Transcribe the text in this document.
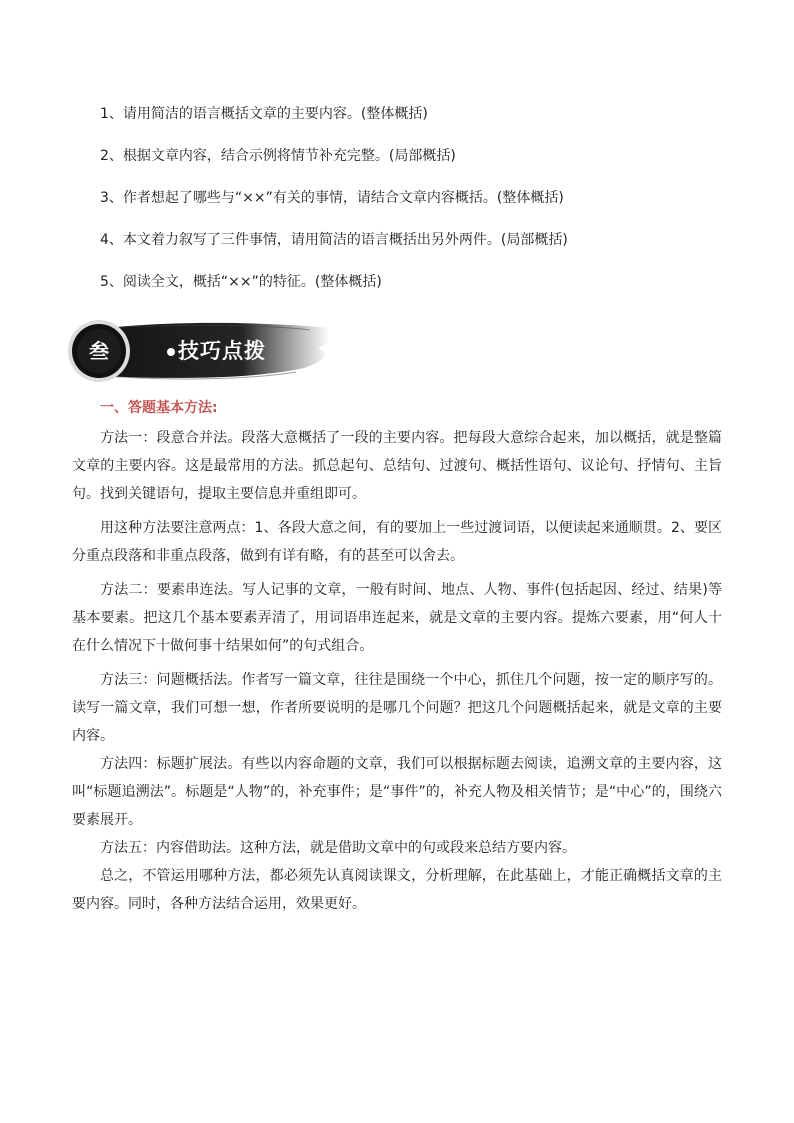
1、请用简洁的语言概括文章的主要内容。(整体概括)
2、根据文章内容，结合示例将情节补充完整。(局部概括)
3、作者想起了哪些与“××”有关的事情，请结合文章内容概括。(整体概括)
4、本文着力叙写了三件事情，请用简洁的语言概括出另外两件。(局部概括)
5、阅读全文，概括“××”的特征。(整体概括)
叁	技巧点拨
一、答题基本方法:

方法一：段意合并法。段落大意概括了一段的主要内容。把每段大意综合起来，加以概括，就是整篇文章的主要内容。这是最常用的方法。抓总起句、总结句、过渡句、概括性语句、议论句、抒情句、主旨句。找到关键语句，提取主要信息并重组即可。

用这种方法要注意两点：1、各段大意之间，有的要加上一些过渡词语，以便读起来通顺贯。2、要区分重点段落和非重点段落，做到有详有略，有的甚至可以舍去。

方法二：要素串连法。写人记事的文章，一般有时间、地点、人物、事件(包括起因、经过、结果)等基本要素。把这几个基本要素弄清了，用词语串连起来，就是文章的主要内容。提炼六要素，用“何人十在什么情况下十做何事十结果如何”的句式组合。

方法三：问题概括法。作者写一篇文章，往往是围绕一个中心，抓住几个问题，按一定的顺序写的。读写一篇文章，我们可想一想，作者所要说明的是哪几个问题？把这几个问题概括起来，就是文章的主要内容。

方法四：标题扩展法。有些以内容命题的文章，我们可以根据标题去阅读，追溯文章的主要内容，这叫“标题追溯法”。标题是“人物”的，补充事件；是“事件”的，补充人物及相关情节；是“中心”的，围绕六要素展开。

方法五：内容借助法。这种方法，就是借助文章中的句或段来总结方要内容。

总之，不管运用哪种方法，都必须先认真阅读课文，分析理解，在此基础上，才能正确概括文章的主要内容。同时，各种方法结合运用，效果更好。
